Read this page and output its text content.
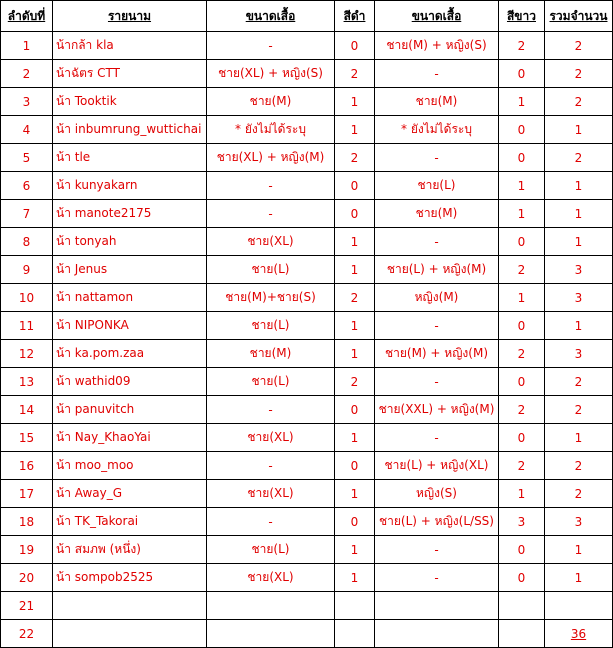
ลำดับที่	รายนาม	ขนาดเสื้อ	สีดำ	ขนาดเสื้อ	สีขาว	รวมจำนวน
1	น้ากล้า kla	-	0	ชาย(M) + หญิง(S)	2	2
2	น้าฉัตร CTT	ชาย(XL) + หญิง(S)	2	-	0	2
3	น้า Tooktik	ชาย(M)	1	ชาย(M)	1	2
4	น้า inbumrung_wuttichai	* ยังไม่ได้ระบุ	1	* ยังไม่ได้ระบุ	0	1
5	น้า tle	ชาย(XL) + หญิง(M)	2	-	0	2
6	น้า kunyakarn	-	0	ชาย(L)	1	1
7	น้า manote2175	-	0	ชาย(M)	1	1
8	น้า tonyah	ชาย(XL)	1	-	0	1
9	น้า Jenus	ชาย(L)	1	ชาย(L) + หญิง(M)	2	3
10	น้า nattamon	ชาย(M)+ชาย(S)	2	หญิง(M)	1	3
11	น้า NIPONKA	ชาย(L)	1	-	0	1
12	น้า ka.pom.zaa	ชาย(M)	1	ชาย(M) + หญิง(M)	2	3
13	น้า wathid09	ชาย(L)	2	-	0	2
14	น้า panuvitch	-	0	ชาย(XXL) + หญิง(M)	2	2
15	น้า Nay_KhaoYai	ชาย(XL)	1	-	0	1
16	น้า moo_moo	-	0	ชาย(L) + หญิง(XL)	2	2
17	น้า Away_G	ชาย(XL)	1	หญิง(S)	1	2
18	น้า TK_Takorai	-	0	ชาย(L) + หญิง(L/SS)	3	3
19	น้า สมภพ (หนึ่ง)	ชาย(L)	1	-	0	1
20	น้า sompob2525	ชาย(XL)	1	-	0	1
21						
22						36
